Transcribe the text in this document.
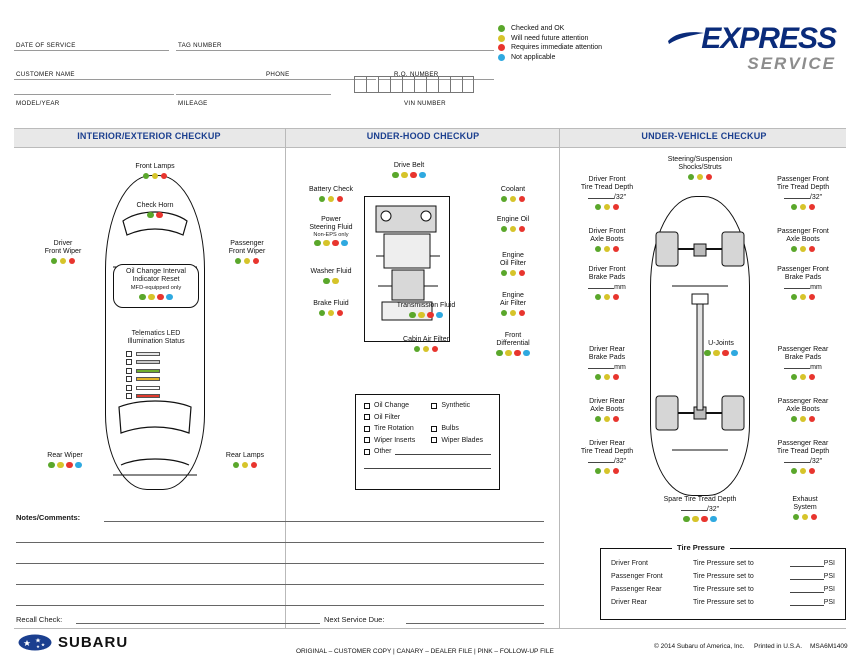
DATE OF SERVICE	TAG NUMBER
CUSTOMER NAME	PHONE	R.O. NUMBER
MODEL/YEAR	MILEAGE	VIN NUMBER
Checked and OK
Will need future attention
Requires immediate attention
Not applicable
EXPRESS
SERVICE
INTERIOR/EXTERIOR CHECKUP	UNDER-HOOD CHECKUP	UNDER-VEHICLE CHECKUP
Front Lamps
Check Horn
Driver
Front Wiper
Passenger
Front Wiper
Oil Change Interval
Indicator Reset
MFD-equipped only
Telematics LED
Illumination Status
Rear Wiper	Rear Lamps
Drive Belt
Battery Check
Power
Steering Fluid
Non-EPS only
Washer Fluid
Brake Fluid	Transmission Fluid
Cabin Air Filter
Coolant
Engine Oil
Engine
Oil Filter
Engine
Air Filter
Front
Differential
Oil Change
Oil Filter
Tire Rotation
Wiper Inserts
Synthetic
Bulbs
Wiper Blades
Other
Steering/Suspension
Shocks/Struts
Driver Front
Tire Tread Depth
/32"
Driver Front
Axle Boots
Driver Front
Brake Pads
mm
Driver Rear
Brake Pads
mm
Driver Rear
Axle Boots
Driver Rear
Tire Tread Depth
/32"
Passenger Front
Tire Tread Depth
/32"
Passenger Front
Axle Boots
Passenger Front
Brake Pads
mm
Passenger Rear
Brake Pads
mm
Passenger Rear
Axle Boots
Passenger Rear
Tire Tread Depth
/32"
U-Joints
Spare Tire Tread Depth
/32"
Exhaust
System
Driver Front	Tire Pressure set to	PSI
Passenger Front	Tire Pressure set to	PSI
Passenger Rear	Tire Pressure set to	PSI
Driver Rear	Tire Pressure set to	PSI
Tire Pressure
Notes/Comments:
Recall Check:	Next Service Due:
SUBARU
ORIGINAL – CUSTOMER COPY | CANARY – DEALER FILE | PINK – FOLLOW-UP FILE
© 2014 Subaru of America, Inc. Printed in U.S.A. MSA6M1409
